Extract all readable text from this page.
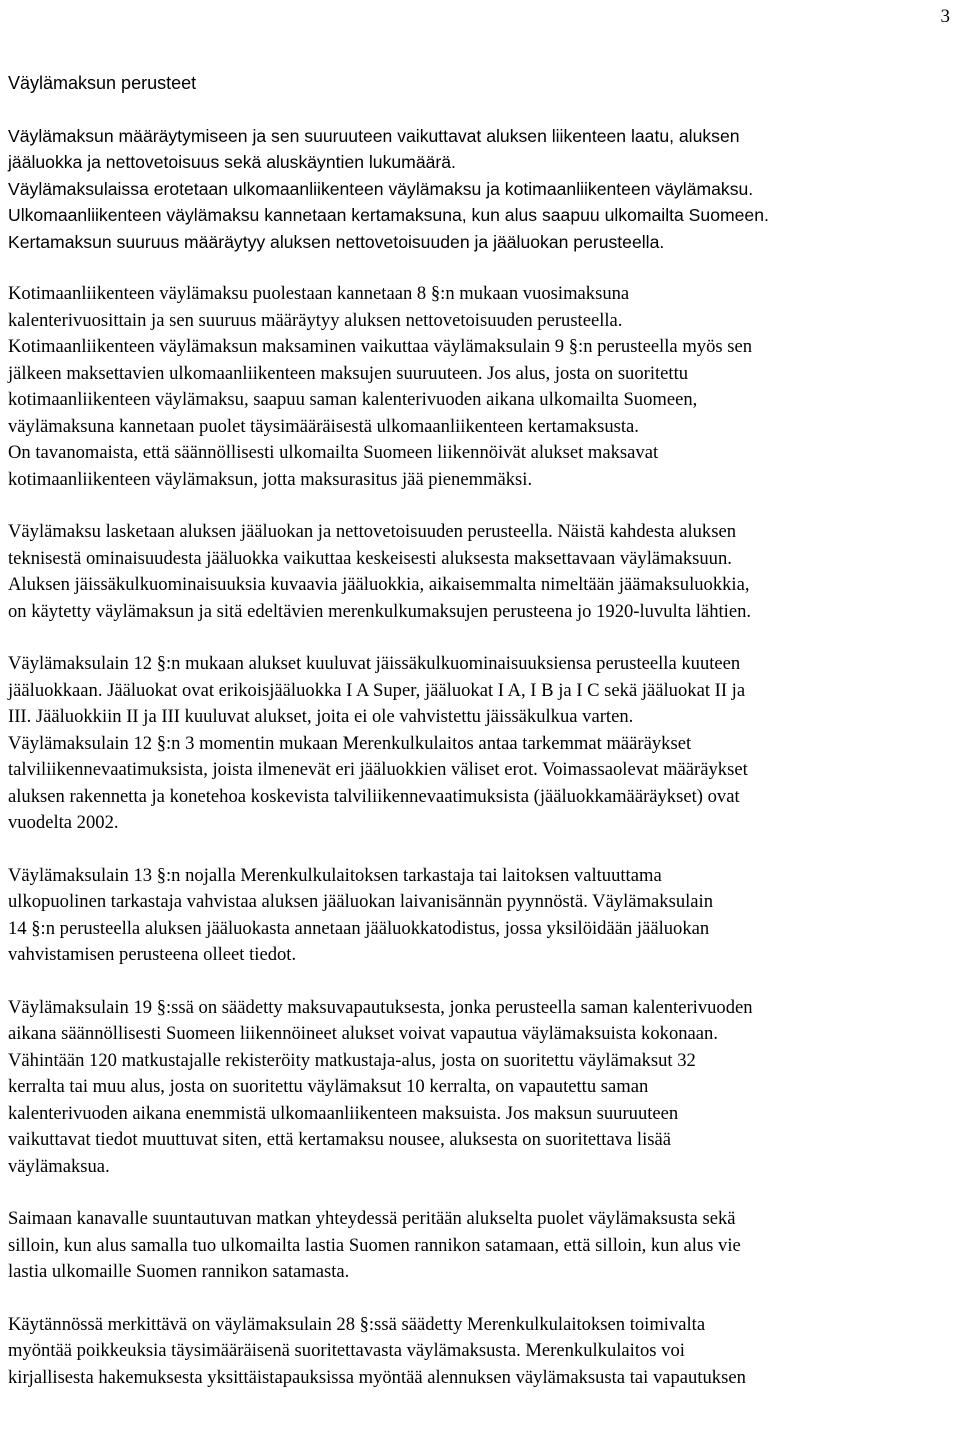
3
Väylämaksun perusteet
Väylämaksun määräytymiseen ja sen suuruuteen vaikuttavat aluksen liikenteen laatu, aluksen
jääluokka ja nettovetoisuus sekä aluskäyntien lukumäärä.
Väylämaksulaissa erotetaan ulkomaanliikenteen väylämaksu ja kotimaanliikenteen väylämaksu.
Ulkomaanliikenteen väylämaksu kannetaan kertamaksuna, kun alus saapuu ulkomailta Suomeen.
Kertamaksun suuruus määräytyy aluksen nettovetoisuuden ja jääluokan perusteella.
Kotimaanliikenteen väylämaksu puolestaan kannetaan 8 §:n mukaan vuosimaksuna
kalenterivuosittain ja sen suuruus määräytyy aluksen nettovetoisuuden perusteella.
Kotimaanliikenteen väylämaksun maksaminen vaikuttaa väylämaksulain 9 §:n perusteella myös sen
jälkeen maksettavien ulkomaanliikenteen maksujen suuruuteen. Jos alus, josta on suoritettu
kotimaanliikenteen väylämaksu, saapuu saman kalenterivuoden aikana ulkomailta Suomeen,
väylämaksuna kannetaan puolet täysimääräisestä ulkomaanliikenteen kertamaksusta.
On tavanomaista, että säännöllisesti ulkomailta Suomeen liikennöivät alukset maksavat
kotimaanliikenteen väylämaksun, jotta maksurasitus jää pienemmäksi.
Väylämaksu lasketaan aluksen jääluokan ja nettovetoisuuden perusteella. Näistä kahdesta aluksen
teknisestä ominaisuudesta jääluokka vaikuttaa keskeisesti aluksesta maksettavaan väylämaksuun.
Aluksen jäissäkulkuominaisuuksia kuvaavia jääluokkia, aikaisemmalta nimeltään jäämaksuluokkia,
on käytetty väylämaksun ja sitä edeltävien merenkulkumaksujen perusteena jo 1920-luvulta lähtien.
Väylämaksulain 12 §:n mukaan alukset kuuluvat jäissäkulkuominaisuuksiensa perusteella kuuteen
jääluokkaan. Jääluokat ovat erikoisjääluokka I A Super, jääluokat I A, I B ja I C sekä jääluokat II ja
III. Jääluokkiin II ja III kuuluvat alukset, joita ei ole vahvistettu jäissäkulkua varten.
Väylämaksulain 12 §:n 3 momentin mukaan Merenkulkulaitos antaa tarkemmat määräykset
talviliikennevaatimuksista, joista ilmenevät eri jääluokkien väliset erot. Voimassaolevat määräykset
aluksen rakennetta ja konetehoa koskevista talviliikennevaatimuksista (jääluokkamääräykset) ovat
vuodelta 2002.
Väylämaksulain 13 §:n nojalla Merenkulkulaitoksen tarkastaja tai laitoksen valtuuttama
ulkopuolinen tarkastaja vahvistaa aluksen jääluokan laivanisännän pyynnöstä. Väylämaksulain
14 §:n perusteella aluksen jääluokasta annetaan jääluokkatodistus, jossa yksilöidään jääluokan
vahvistamisen perusteena olleet tiedot.
Väylämaksulain 19 §:ssä on säädetty maksuvapautuksesta, jonka perusteella saman kalenterivuoden
aikana säännöllisesti Suomeen liikennöineet alukset voivat vapautua väylämaksuista kokonaan.
Vähintään 120 matkustajalle rekisteröity matkustaja-alus, josta on suoritettu väylämaksut 32
kerralta tai muu alus, josta on suoritettu väylämaksut 10 kerralta, on vapautettu saman
kalenterivuoden aikana enemmistä ulkomaanliikenteen maksuista. Jos maksun suuruuteen
vaikuttavat tiedot muuttuvat siten, että kertamaksu nousee, aluksesta on suoritettava lisää
väylämaksua.
Saimaan kanavalle suuntautuvan matkan yhteydessä peritään alukselta puolet väylämaksusta sekä
silloin, kun alus samalla tuo ulkomailta lastia Suomen rannikon satamaan, että silloin, kun alus vie
lastia ulkomaille Suomen rannikon satamasta.
Käytännössä merkittävä on väylämaksulain 28 §:ssä säädetty Merenkulkulaitoksen toimivalta
myöntää poikkeuksia täysimääräisenä suoritettavasta väylämaksusta. Merenkulkulaitos voi
kirjallisesta hakemuksesta yksittäistapauksissa myöntää alennuksen väylämaksusta tai vapautuksen
